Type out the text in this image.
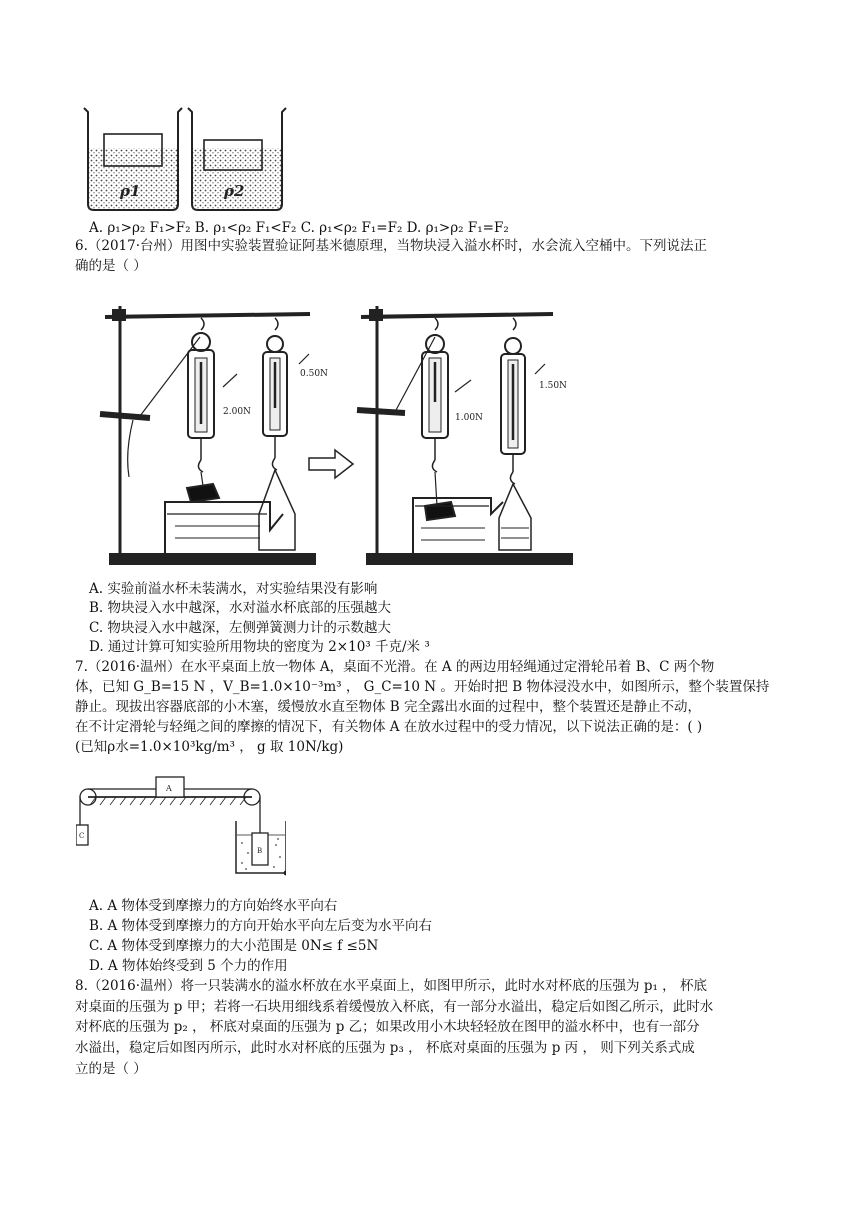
ρ1	ρ2
A. ρ₁>ρ₂ F₁>F₂ B. ρ₁<ρ₂ F₁<F₂ C. ρ₁<ρ₂ F₁=F₂ D. ρ₁>ρ₂ F₁=F₂
6.（2017·台州）用图中实验装置验证阿基米德原理，当物块浸入溢水杯时，水会流入空桶中。下列说法正
确的是（ ）
2.00N
0.50N
1.00N
1.50N
A. 实验前溢水杯未装满水，对实验结果没有影响
B. 物块浸入水中越深，水对溢水杯底部的压强越大
C. 物块浸入水中越深，左侧弹簧测力计的示数越大
D. 通过计算可知实验所用物块的密度为 2×10³ 千克/米 ³
7.（2016·温州）在水平桌面上放一物体 A，桌面不光滑。在 A 的两边用轻绳通过定滑轮吊着 B、C 两个物
体，已知 G_B=15 N ，V_B=1.0×10⁻³m³ ， G_C=10 N 。开始时把 B 物体浸没水中，如图所示，整个装置保持
静止。现拔出容器底部的小木塞，缓慢放水直至物体 B 完全露出水面的过程中，整个装置还是静止不动，
在不计定滑轮与轻绳之间的摩擦的情况下，有关物体 A 在放水过程中的受力情况，以下说法正确的是：( )
(已知ρ水=1.0×10³kg/m³ ， g 取 10N/kg)
A
C
B
A. A 物体受到摩擦力的方向始终水平向右
B. A 物体受到摩擦力的方向开始水平向左后变为水平向右
C. A 物体受到摩擦力的大小范围是 0N≤ f ≤5N
D. A 物体始终受到 5 个力的作用
8.（2016·温州）将一只装满水的溢水杯放在水平桌面上，如图甲所示，此时水对杯底的压强为 p₁ ， 杯底
对桌面的压强为 p 甲；若将一石块用细线系着缓慢放入杯底，有一部分水溢出，稳定后如图乙所示，此时水
对杯底的压强为 p₂ ， 杯底对桌面的压强为 p 乙；如果改用小木块轻轻放在图甲的溢水杯中，也有一部分
水溢出，稳定后如图丙所示，此时水对杯底的压强为 p₃ ， 杯底对桌面的压强为 p 丙 ， 则下列关系式成
立的是（ ）
